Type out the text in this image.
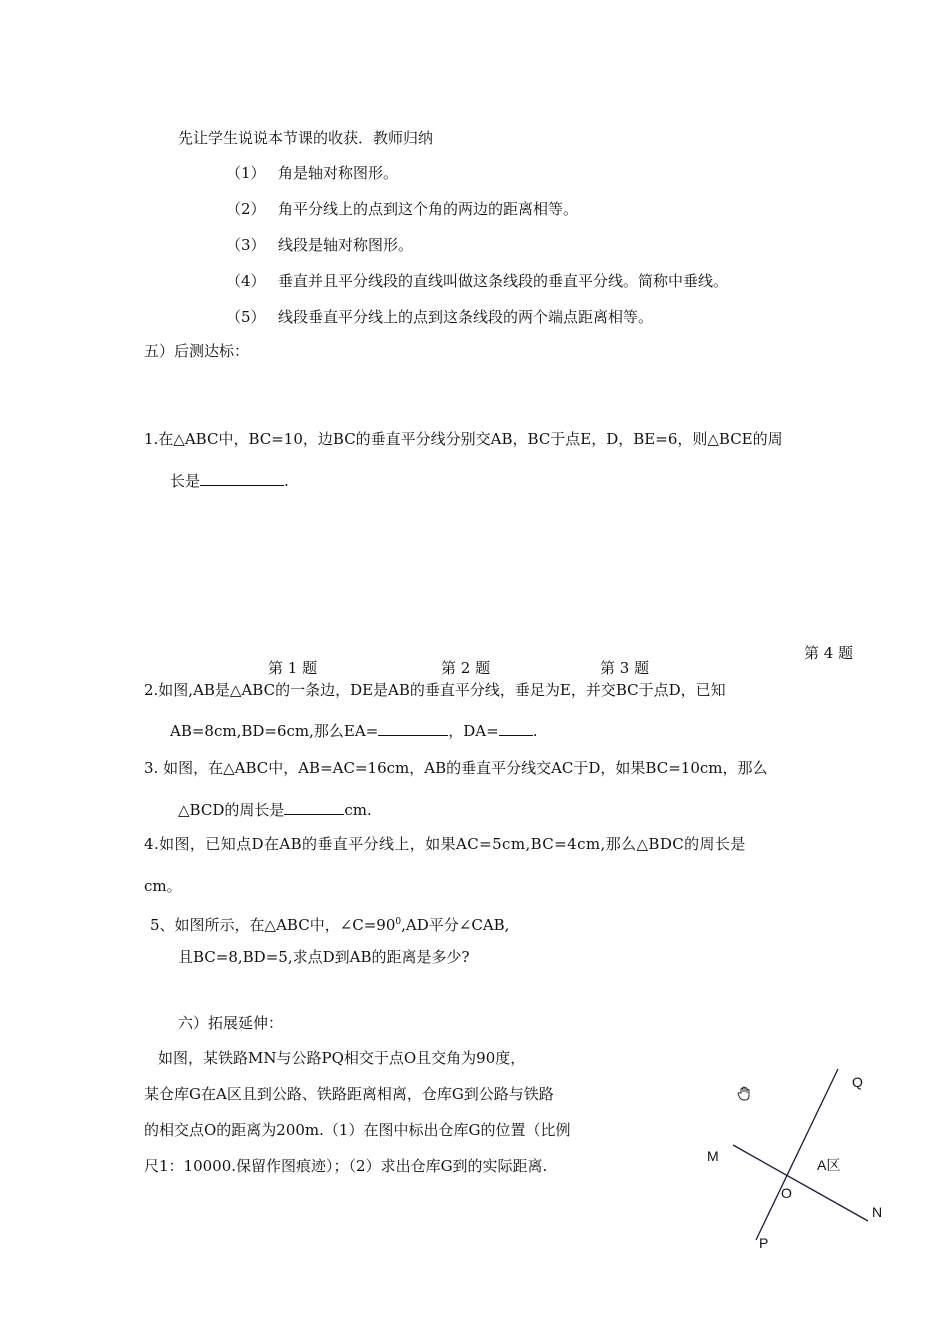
先让学生说说本节课的收获．教师归纳
（1） 角是轴对称图形。
（2） 角平分线上的点到这个角的两边的距离相等。
（3） 线段是轴对称图形。
（4） 垂直并且平分线段的直线叫做这条线段的垂直平分线。简称中垂线。
（5） 线段垂直平分线上的点到这条线段的两个端点距离相等。
五）后测达标：
1.在△ABC中，BC=10，边BC的垂直平分线分别交AB，BC于点E，D，BE=6，则△BCE的周
长是	.
第 1 题	第 2 题	第 3 题
第 4 题
2.如图,AB是△ABC的一条边，DE是AB的垂直平分线，垂足为E，并交BC于点D，已知
AB=8cm,BD=6cm,那么EA=	，DA= .
3. 如图，在△ABC中，AB=AC=16cm，AB的垂直平分线交AC于D，如果BC=10cm，那么
△BCD的周长是	cm.
4.如图，已知点D在AB的垂直平分线上，如果AC=5cm,BC=4cm,那么△BDC的周长是
cm。
5、如图所示，在△ABC中，$\angle C=90^0,AD$平分∠CAB,
且BC=8,BD=5,求点D到AB的距离是多少?
六）拓展延伸：
如图，某铁路MN与公路PQ相交于点O且交角为90度，
某仓库G在A区且到公路、铁路距离相离，仓库G到公路与铁路
的相交点O的距离为200m.（1）在图中标出仓库G的位置（比例
尺1：10000.保留作图痕迹）；（2）求出仓库G到的实际距离.
Q
M
A区
O
N
P
